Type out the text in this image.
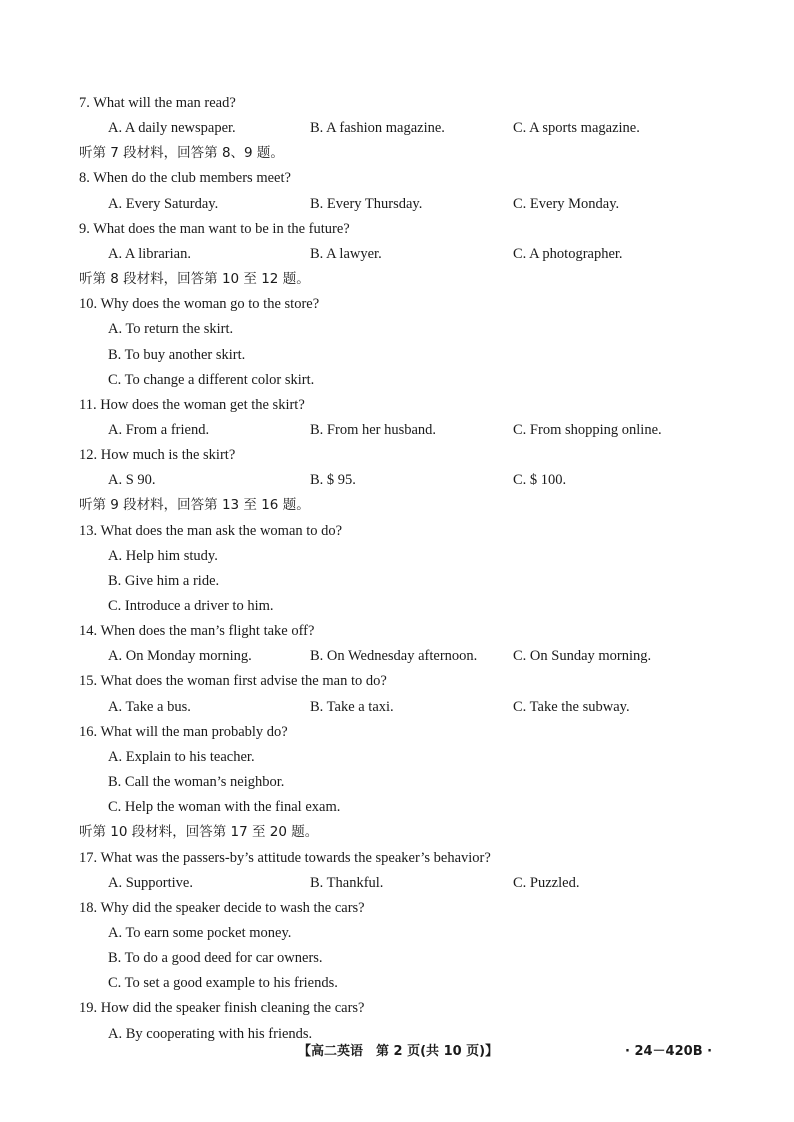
7. What will the man read?
A. A daily newspaper.	B. A fashion magazine.	C. A sports magazine.
听第 7 段材料，回答第 8、9 题。
8. When do the club members meet?
A. Every Saturday.	B. Every Thursday.	C. Every Monday.
9. What does the man want to be in the future?
A. A librarian.	B. A lawyer.	C. A photographer.
听第 8 段材料，回答第 10 至 12 题。
10. Why does the woman go to the store?
A. To return the skirt.
B. To buy another skirt.
C. To change a different color skirt.
11. How does the woman get the skirt?
A. From a friend.	B. From her husband.	C. From shopping online.
12. How much is the skirt?
A. S 90.	B. $ 95.	C. $ 100.
听第 9 段材料，回答第 13 至 16 题。
13. What does the man ask the woman to do?
A. Help him study.
B. Give him a ride.
C. Introduce a driver to him.
14. When does the man’s flight take off?
A. On Monday morning.	B. On Wednesday afternoon. C. On Sunday morning.
15. What does the woman first advise the man to do?
A. Take a bus.	B. Take a taxi.	C. Take the subway.
16. What will the man probably do?
A. Explain to his teacher.
B. Call the woman’s neighbor.
C. Help the woman with the final exam.
听第 10 段材料，回答第 17 至 20 题。
17. What was the passers-by’s attitude towards the speaker’s behavior?
A. Supportive.	B. Thankful.	C. Puzzled.
18. Why did the speaker decide to wash the cars?
A. To earn some pocket money.
B. To do a good deed for car owners.
C. To set a good example to his friends.
19. How did the speaker finish cleaning the cars?
A. By cooperating with his friends.
【高二英语　第 2 页(共 10 页)】	· 24－420B ·
